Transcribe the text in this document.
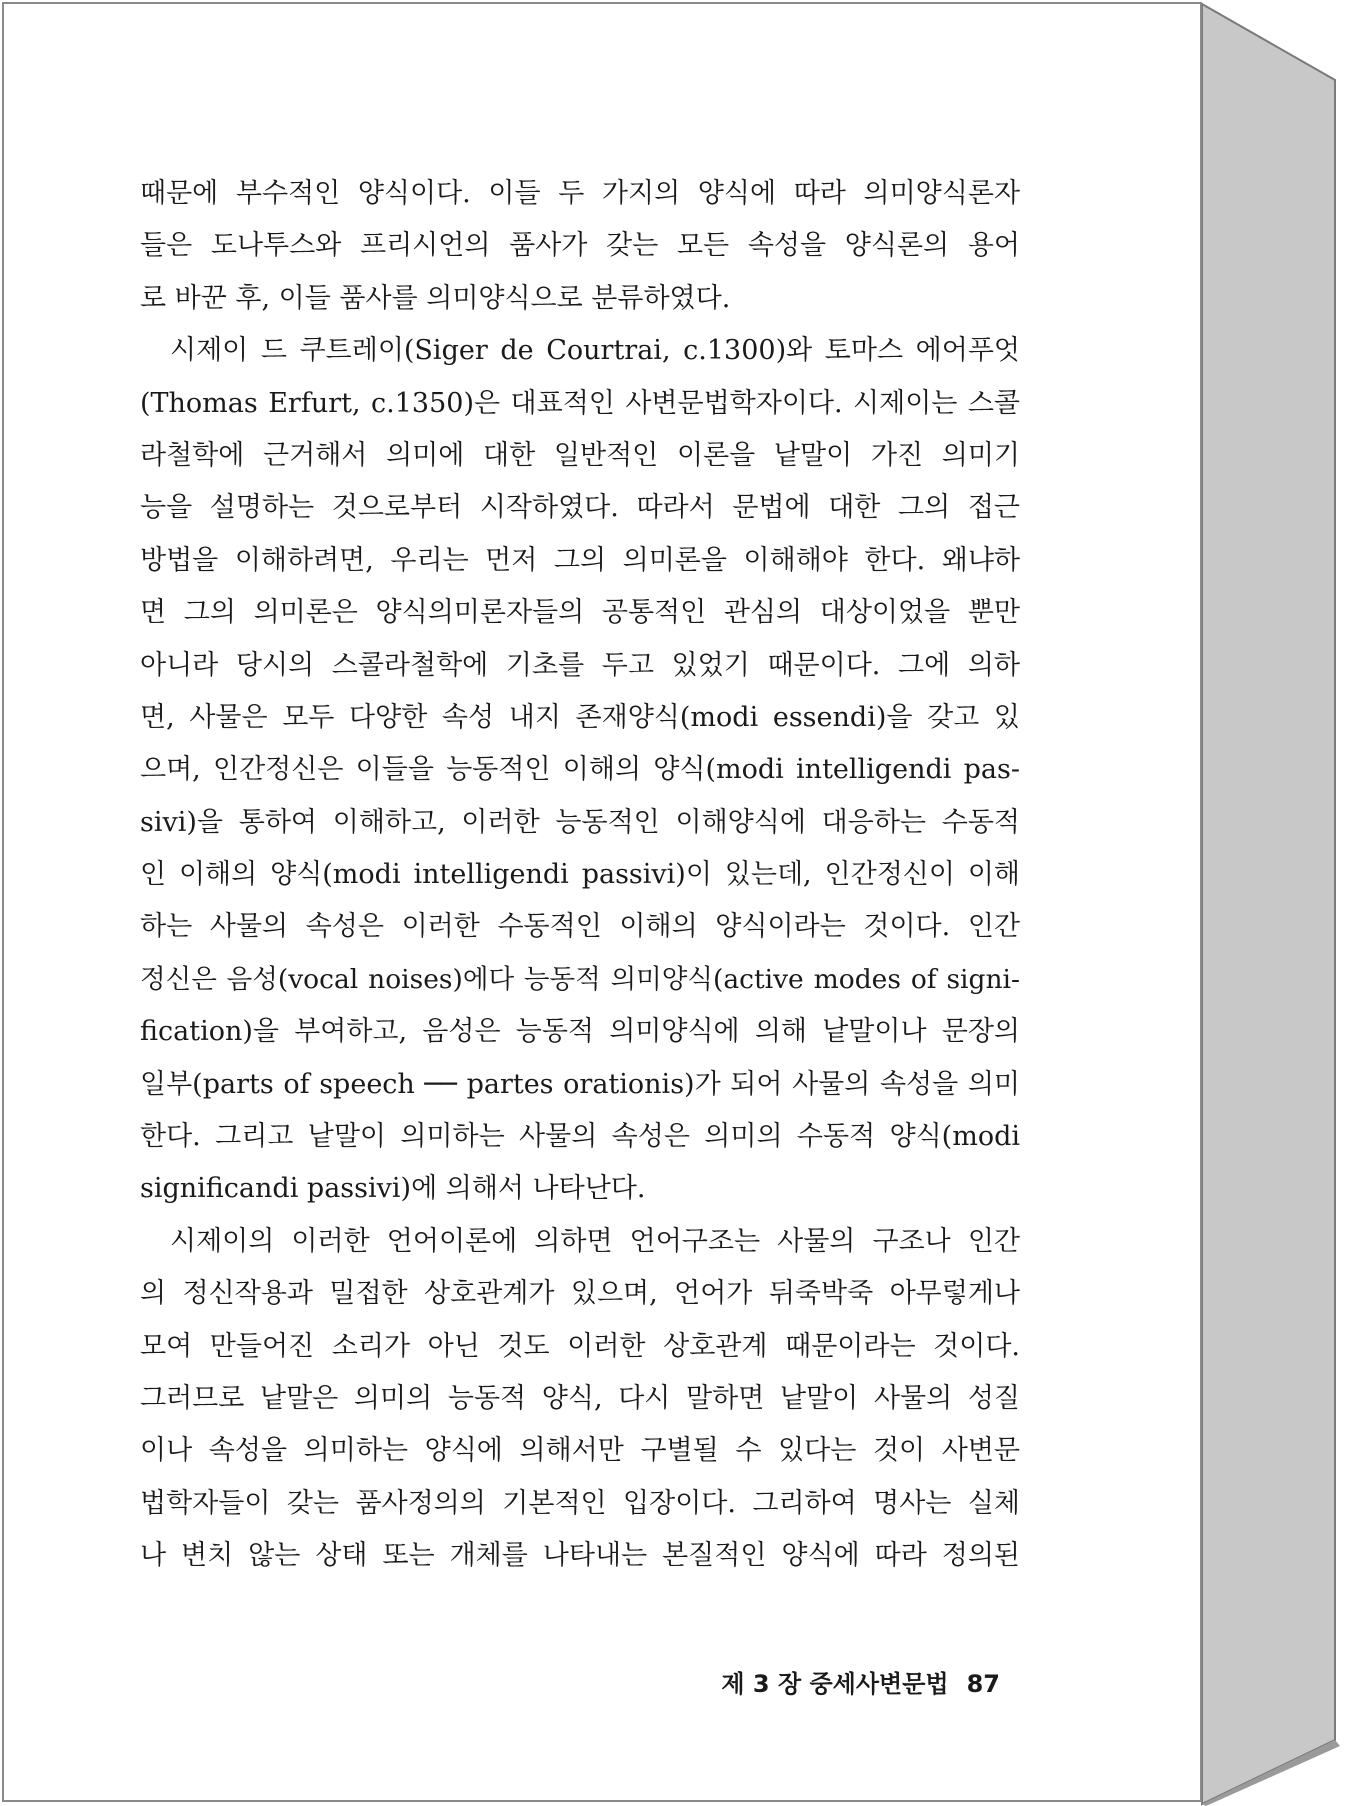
때문에 부수적인 양식이다. 이들 두 가지의 양식에 따라 의미양식론자

들은 도나투스와 프리시언의 품사가 갖는 모든 속성을 양식론의 용어

로 바꾼 후, 이들 품사를 의미양식으로 분류하였다.

시제이 드 쿠트레이(Siger de Courtrai, c.1300)와 토마스 에어푸엇

(Thomas Erfurt, c.1350)은 대표적인 사변문법학자이다. 시제이는 스콜

라철학에 근거해서 의미에 대한 일반적인 이론을 낱말이 가진 의미기

능을 설명하는 것으로부터 시작하였다. 따라서 문법에 대한 그의 접근

방법을 이해하려면, 우리는 먼저 그의 의미론을 이해해야 한다. 왜냐하

면 그의 의미론은 양식의미론자들의 공통적인 관심의 대상이었을 뿐만

아니라 당시의 스콜라철학에 기초를 두고 있었기 때문이다. 그에 의하

면, 사물은 모두 다양한 속성 내지 존재양식(modi essendi)을 갖고 있

으며, 인간정신은 이들을 능동적인 이해의 양식(modi intelligendi pas-

sivi)을 통하여 이해하고, 이러한 능동적인 이해양식에 대응하는 수동적

인 이해의 양식(modi intelligendi passivi)이 있는데, 인간정신이 이해

하는 사물의 속성은 이러한 수동적인 이해의 양식이라는 것이다. 인간

정신은 음성(vocal noises)에다 능동적 의미양식(active modes of signi-

fication)을 부여하고, 음성은 능동적 의미양식에 의해 낱말이나 문장의

일부(parts of speech ── partes orationis)가 되어 사물의 속성을 의미

한다. 그리고 낱말이 의미하는 사물의 속성은 의미의 수동적 양식(modi

significandi passivi)에 의해서 나타난다.

시제이의 이러한 언어이론에 의하면 언어구조는 사물의 구조나 인간

의 정신작용과 밀접한 상호관계가 있으며, 언어가 뒤죽박죽 아무렇게나

모여 만들어진 소리가 아닌 것도 이러한 상호관계 때문이라는 것이다.

그러므로 낱말은 의미의 능동적 양식, 다시 말하면 낱말이 사물의 성질

이나 속성을 의미하는 양식에 의해서만 구별될 수 있다는 것이 사변문

법학자들이 갖는 품사정의의 기본적인 입장이다. 그리하여 명사는 실체

나 변치 않는 상태 또는 개체를 나타내는 본질적인 양식에 따라 정의된

제 3 장 중세사변문법 87
